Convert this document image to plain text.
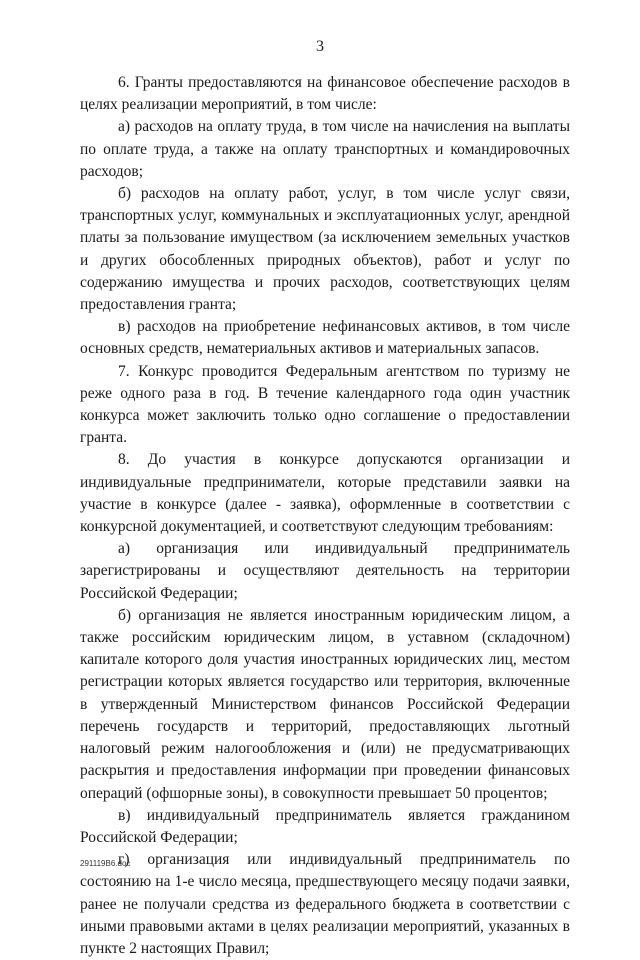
3

6. Гранты предоставляются на финансовое обеспечение расходов в целях реализации мероприятий, в том числе:

а) расходов на оплату труда, в том числе на начисления на выплаты по оплате труда, а также на оплату транспортных и командировочных расходов;

б) расходов на оплату работ, услуг, в том числе услуг связи, транспортных услуг, коммунальных и эксплуатационных услуг, арендной платы за пользование имуществом (за исключением земельных участков и других обособленных природных объектов), работ и услуг по содержанию имущества и прочих расходов, соответствующих целям предоставления гранта;

в) расходов на приобретение нефинансовых активов, в том числе основных средств, нематериальных активов и материальных запасов.

7. Конкурс проводится Федеральным агентством по туризму не реже одного раза в год. В течение календарного года один участник конкурса может заключить только одно соглашение о предоставлении гранта.

8. До участия в конкурсе допускаются организации и индивидуальные предприниматели, которые представили заявки на участие в конкурсе (далее - заявка), оформленные в соответствии с конкурсной документацией, и соответствуют следующим требованиям:

а) организация или индивидуальный предприниматель зарегистрированы и осуществляют деятельность на территории Российской Федерации;

б) организация не является иностранным юридическим лицом, а также российским юридическим лицом, в уставном (складочном) капитале которого доля участия иностранных юридических лиц, местом регистрации которых является государство или территория, включенные в утвержденный Министерством финансов Российской Федерации перечень государств и территорий, предоставляющих льготный налоговый режим налогообложения и (или) не предусматривающих раскрытия и предоставления информации при проведении финансовых операций (офшорные зоны), в совокупности превышает 50 процентов;

в) индивидуальный предприниматель является гражданином Российской Федерации;

г) организация или индивидуальный предприниматель по состоянию на 1-е число месяца, предшествующего месяцу подачи заявки, ранее не получали средства из федерального бюджета в соответствии с иными правовыми актами в целях реализации мероприятий, указанных в пункте 2 настоящих Правил;

291119B6.doc
